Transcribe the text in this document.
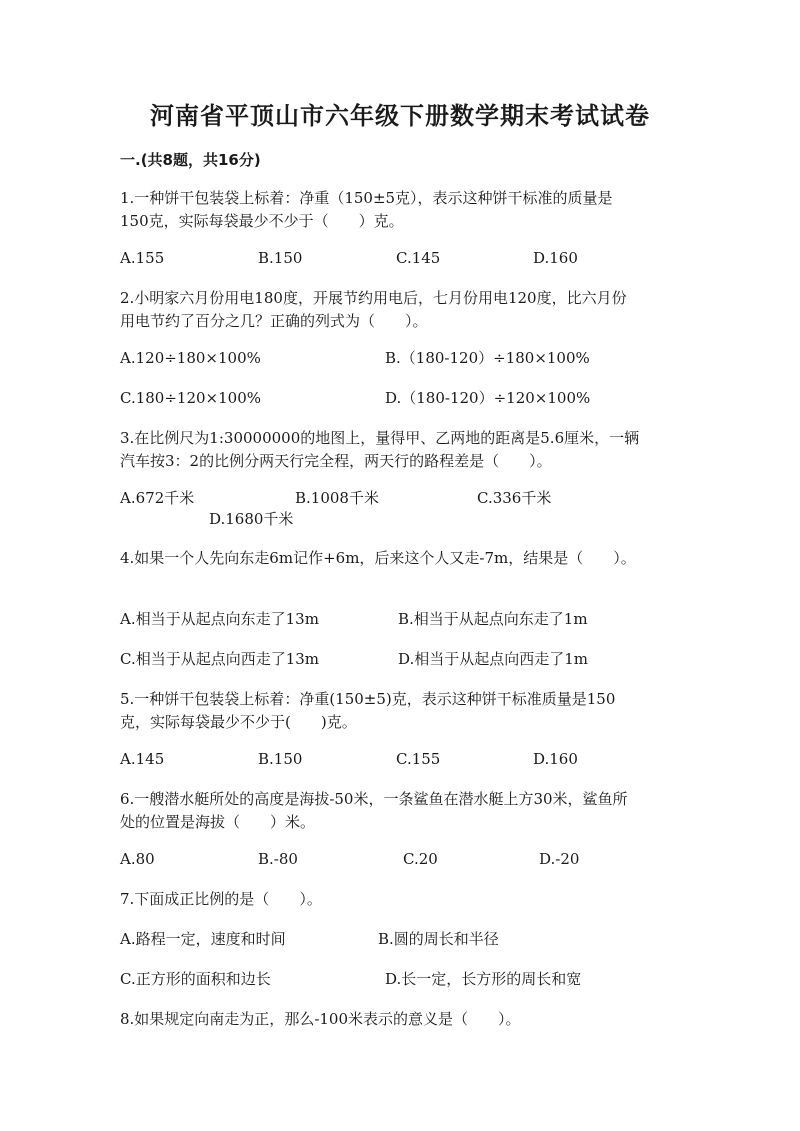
河南省平顶山市六年级下册数学期末考试试卷
一.(共8题，共16分)
1.一种饼干包装袋上标着：净重（150±5克），表示这种饼干标准的质量是
150克，实际每袋最少不少于（　　）克。
A.155	B.150	C.145	D.160
2.小明家六月份用电180度，开展节约用电后，七月份用电120度，比六月份
用电节约了百分之几？正确的列式为（　　）。
A.120÷180×100%	B.（180-120）÷180×100%
C.180÷120×100%	D.（180-120）÷120×100%
3.在比例尺为1:30000000的地图上，量得甲、乙两地的距离是5.6厘米，一辆
汽车按3：2的比例分两天行完全程，两天行的路程差是（　　）。
A.672千米	B.1008千米	C.336千米
D.1680千米
4.如果一个人先向东走6m记作+6m，后来这个人又走-7m，结果是（　　）。
A.相当于从起点向东走了13m	B.相当于从起点向东走了1m
C.相当于从起点向西走了13m	D.相当于从起点向西走了1m
5.一种饼干包装袋上标着：净重(150±5)克，表示这种饼干标准质量是150
克，实际每袋最少不少于(　　)克。
A.145	B.150	C.155	D.160
6.一艘潜水艇所处的高度是海拔-50米，一条鲨鱼在潜水艇上方30米，鲨鱼所
处的位置是海拔（　　）米。
A.80	B.-80	C.20	D.-20
7.下面成正比例的是（　　）。
A.路程一定，速度和时间	B.圆的周长和半径
C.正方形的面积和边长	D.长一定，长方形的周长和宽
8.如果规定向南走为正，那么-100米表示的意义是（　　）。
